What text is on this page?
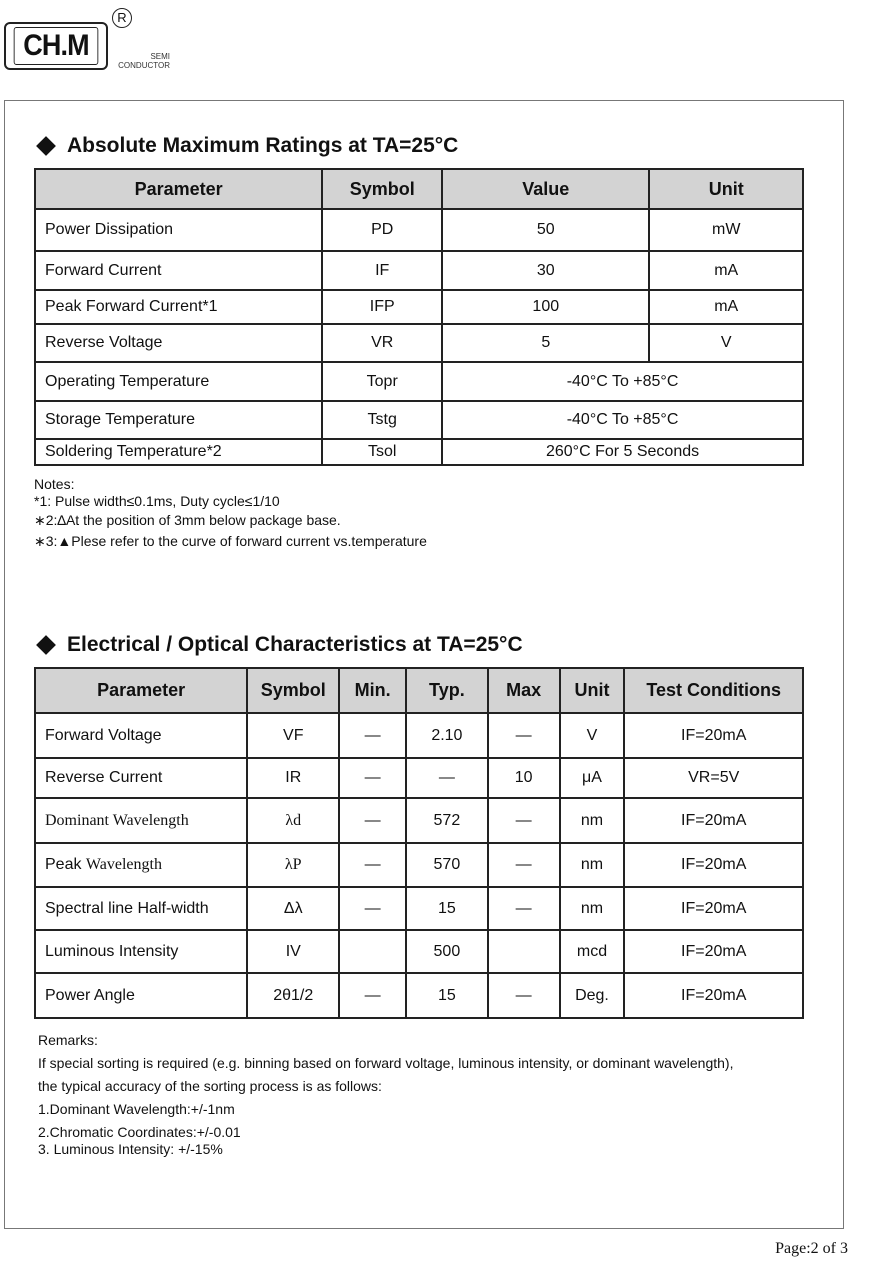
CH.M
R
SEMI
CONDUCTOR
Absolute Maximum Ratings at TA=25°C
Parameter	Symbol	Value	Unit
Power Dissipation	PD	50	mW
Forward Current	IF	30	mA
Peak Forward Current*1	IFP	100	mA
Reverse Voltage	VR	5	V
Operating Temperature	Topr	-40°C To +85°C	
Storage Temperature	Tstg	-40°C To +85°C	
Soldering Temperature*2	Tsol	260°C For 5 Seconds	
Notes:
*1: Pulse width≤0.1ms, Duty cycle≤1/10
∗2:∆At the position of 3mm below package base.
∗3:▲Plese refer to the curve of forward current vs.temperature
Electrical / Optical Characteristics at TA=25°C
Parameter	Symbol	Min.	Typ.	Max	Unit	Test Conditions
Forward Voltage	VF	—	2.10	—	V	IF=20mA
Reverse Current	IR	—	—	10	μA	VR=5V
Dominant Wavelength	λd	—	572	—	nm	IF=20mA
Peak Wavelength	λP	—	570	—	nm	IF=20mA
Spectral line Half-width	Δλ	—	15	—	nm	IF=20mA
Luminous Intensity	IV		500		mcd	IF=20mA
Power Angle	2θ1/2	—	15	—	Deg.	IF=20mA
Remarks:
If special sorting is required (e.g. binning based on forward voltage, luminous intensity, or dominant wavelength),
the typical accuracy of the sorting process is as follows:
1.Dominant Wavelength:+/-1nm
2.Chromatic Coordinates:+/-0.01
3. Luminous Intensity: +/-15%
Page:2 of 3
